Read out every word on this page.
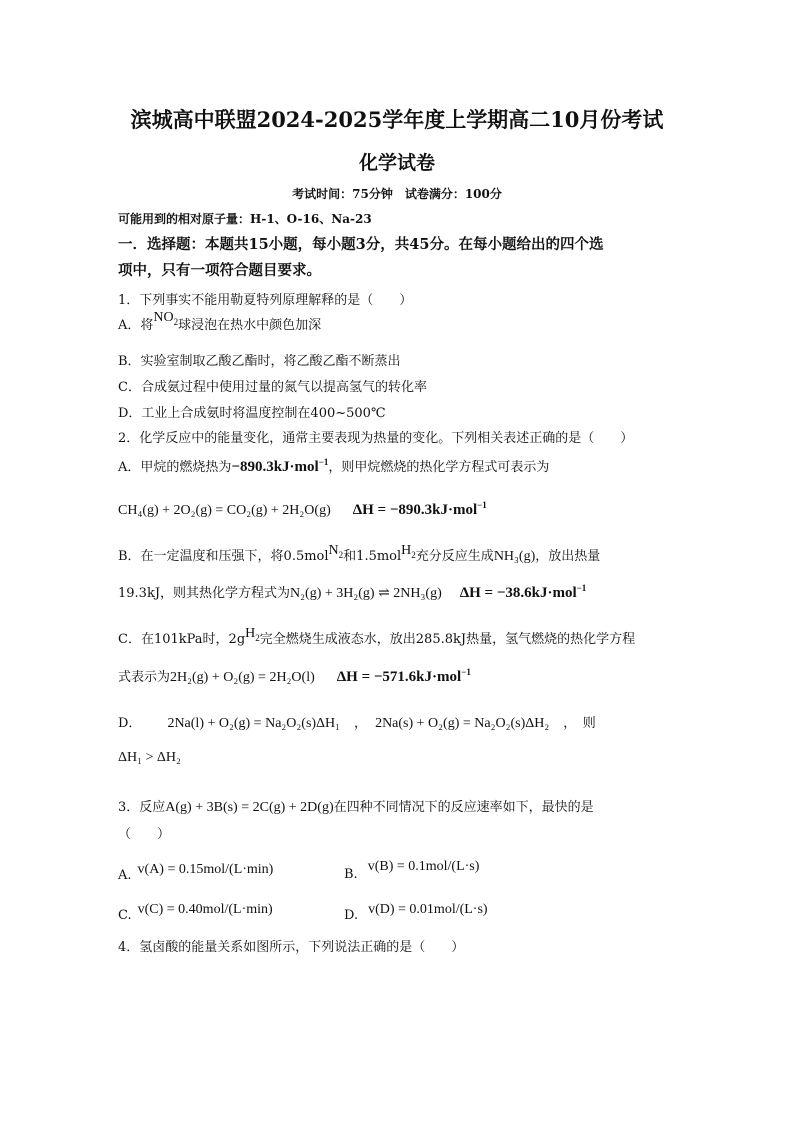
滨城高中联盟2024-2025学年度上学期高二10月份考试
化学试卷
考试时间：75分钟　试卷满分：100分
可能用到的相对原子量：H-1、O-16、Na-23
一．选择题：本题共15小题，每小题3分，共45分。在每小题给出的四个选
项中，只有一项符合题目要求。
1．下列事实不能用勒夏特列原理解释的是（　　）
A．将$NO_2$球浸泡在热水中颜色加深
B．实验室制取乙酸乙酯时，将乙酸乙酯不断蒸出
C．合成氨过程中使用过量的氮气以提高氢气的转化率
D．工业上合成氨时将温度控制在400~500℃
2．化学反应中的能量变化，通常主要表现为热量的变化。下列相关表述正确的是（　　）
A．甲烷的燃烧热为−890.3kJ·mol$^{-1}$，则甲烷燃烧的热化学方程式可表示为
CH₄(g) + 2O₂(g) = CO₂(g) + 2H₂O(g) ΔH = −890.3kJ·mol$^{-1}$
B．在一定温度和压强下，将0.5molN$_2$和1.5molH$_2$充分反应生成NH₃(g)，放出热量
19.3kJ，则其热化学方程式为N₂(g) + 3H₂(g) ⇌ 2NH₃(g) ΔH = −38.6kJ·mol$^{-1}$
C．在101kPa时，$2gH_2$完全燃烧生成液态水，放出285.8kJ热量，氢气燃烧的热化学方程
式表示为2H₂(g) + O₂(g) = 2H₂O(l) ΔH = −571.6kJ·mol$^{-1}$
D． 2Na(l) + O₂(g) = Na₂O₂(s)ΔH₁ ， 2Na(s) + O₂(g) = Na₂O₂(s)ΔH₂ ，　则
ΔH₁ > ΔH₂
3．反应A(g) + 3B(s) = 2C(g) + 2D(g)在四种不同情况下的反应速率如下，最快的是
（　　）
A. v(A) = 0.15mol/(L·min)	B.v(B) = 0.1mol/(L·s)
C. v(C) = 0.40mol/(L·min)	D. v(D) = 0.01mol/(L·s)
4．氢卤酸的能量关系如图所示，下列说法正确的是（　　）
